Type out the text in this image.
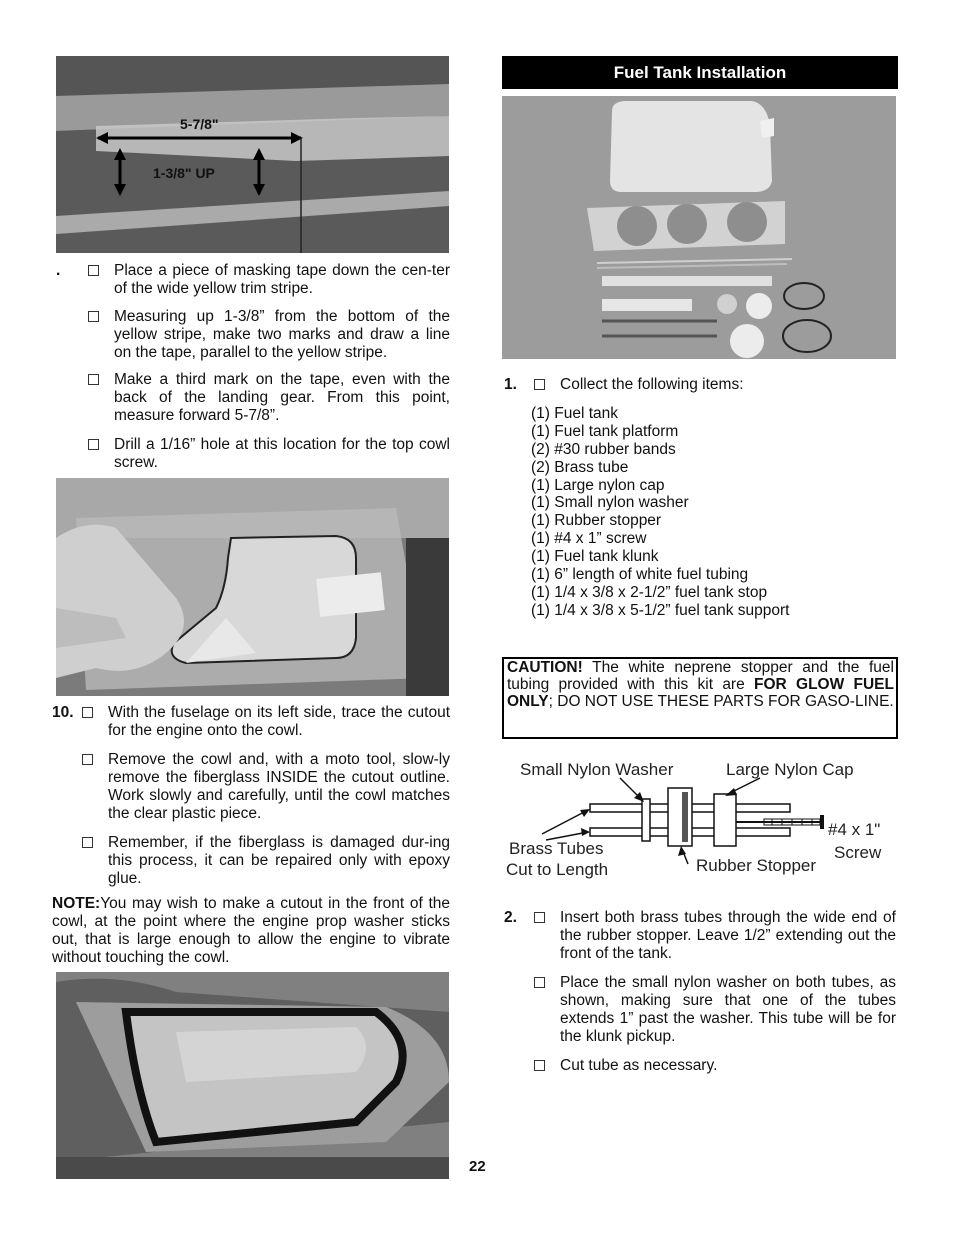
5-7/8"
1-3/8" UP
.	Place a piece of masking tape down the cen-ter of the wide yellow trim stripe.
Measuring up 1-3/8” from the bottom of the yellow stripe, make two marks and draw a line on the tape, parallel to the yellow stripe.
Make a third mark on the tape, even with the back of the landing gear. From this point, measure forward 5-7/8”.
Drill a 1/16” hole at this location for the top cowl screw.
10. With the fuselage on its left side, trace the cutout for the engine onto the cowl.
Remove the cowl and, with a moto tool, slow-ly remove the fiberglass INSIDE the cutout outline. Work slowly and carefully, until the cowl matches the clear plastic piece.
Remember, if the fiberglass is damaged dur-ing this process, it can be repaired only with epoxy glue.
NOTE:You may wish to make a cutout in the front of the cowl, at the point where the engine prop washer sticks out, that is large enough to allow the engine to vibrate without touching the cowl.
Fuel Tank Installation
1.	Collect the following items:
(1) Fuel tank
(1) Fuel tank platform
(2) #30 rubber bands
(2) Brass tube
(1) Large nylon cap
(1) Small nylon washer
(1) Rubber stopper
(1) #4 x 1” screw
(1) Fuel tank klunk
(1) 6” length of white fuel tubing
(1) 1/4 x 3/8 x 2-1/2” fuel tank stop
(1) 1/4 x 3/8 x 5-1/2” fuel tank support
CAUTION! The white neprene stopper and the fuel tubing provided with this kit are FOR GLOW FUEL ONLY; DO NOT USE THESE PARTS FOR GASO-LINE.
Small Nylon Washer	Large Nylon Cap
Brass Tubes
Cut to Length	Rubber Stopper
#4 x 1"
Screw
2.	Insert both brass tubes through the wide end of the rubber stopper. Leave 1/2” extending out the front of the tank.
Place the small nylon washer on both tubes, as shown, making sure that one of the tubes extends 1” past the washer. This tube will be for the klunk pickup.
Cut tube as necessary.
22
